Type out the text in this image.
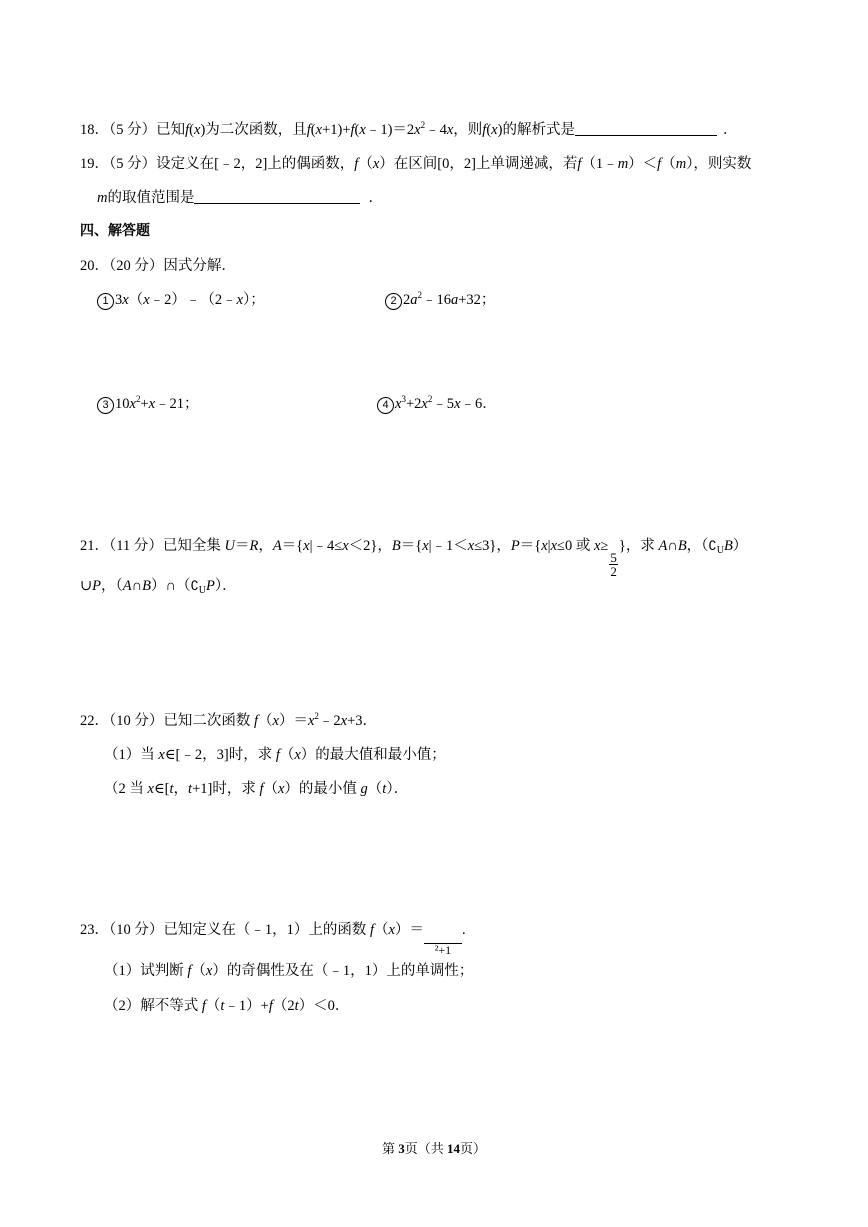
18．（5 分）已知f(x)为二次函数，且$f(x+1)+f(x﹣1)=2x^2﹣4x$，则f(x)的解析式是	．
19．（5 分）设定义在[﹣2，2]上的偶函数，f（x）在区间[0，2]上单调递减，若f（1﹣m）＜f（m），则实数
m的取值范围是	．
四、解答题
20．（20 分）因式分解．
1 3x（x﹣2）﹣（2﹣x）；	2 $2a^2﹣16a+32$；
3 $10x^2+x﹣21$；	4 $x^3+2x^2﹣5x﹣6$．
21．（11 分）已知全集 U＝R，A＝{x|﹣4≤x＜2}，B＝{x|﹣1＜x≤3}，P＝{x|x≤0 或 x≥
$\frac{5}{2}$
}，求 A∩B，$(∁_UB)$
∪P，$(A\cap B)\cap(∁_UP)$．
22．（10 分）已知二次函数 $f(x)=x^2﹣2x+3$．
（1）当 x∈[﹣2，3]时，求 f（x）的最大值和最小值；
（2 当 x∈[t，t+1]时，求 f（x）的最小值 g（t）．
23．（10 分）已知定义在（﹣1，1）上的函数 f（x）＝
²+1
.
（1）试判断 f（x）的奇偶性及在（﹣1，1）上的单调性；
（2）解不等式 f（t﹣1）+f（2t）＜0．
第 3页（共 14页）
